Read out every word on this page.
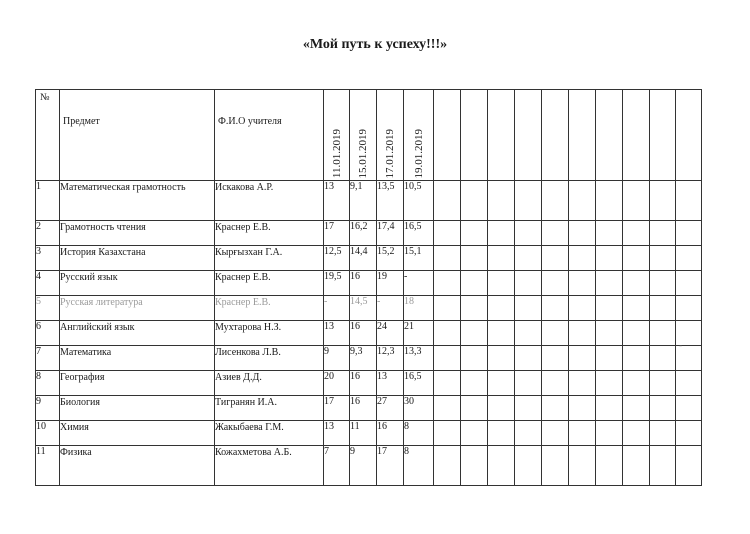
«Мой путь к успеху!!!»
№	Предмет	Ф.И.О учителя	11.01.2019	15.01.2019	17.01.2019	19.01.2019										

1	Математическая грамотность	Искакова А.Р.	13	9,1	13,5	10,5										
2	Грамотность чтения	Краснер Е.В.	17	16,2	17,4	16,5										
3	История Казахстана	Кырғызхан Г.А.	12,5	14,4	15,2	15,1										
4	Русский язык	Краснер Е.В.	19,5	16	19	-										
5	Русская литература	Краснер Е.В.	-	14,5	-	18										
6	Английский язык	Мухтарова Н.З.	13	16	24	21										
7	Математика	Лисенкова Л.В.	9	9,3	12,3	13,3										
8	География	Азиев Д.Д.	20	16	13	16,5										
9	Биология	Тигранян И.А.	17	16	27	30										
10	Химия	Жакыбаева Г.М.	13	11	16	8										
11	Физика	Кожахметова А.Б.	7	9	17	8										
-
